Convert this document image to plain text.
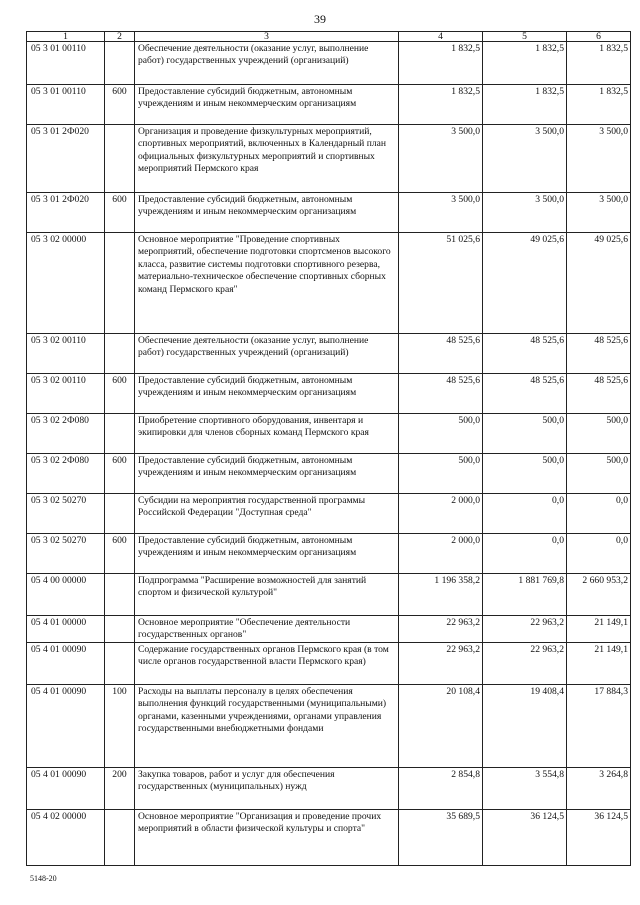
39
1	2	3	4	5	6
05 3 01 00110		Обеспечение деятельности (оказание услуг, выполнение работ) государственных учреждений (организаций)	1 832,5	1 832,5	1 832,5
05 3 01 00110	600	Предоставление субсидий бюджетным, автономным учреждениям и иным некоммерческим организациям	1 832,5	1 832,5	1 832,5
05 3 01 2Ф020		Организация и проведение физкультурных мероприятий, спортивных мероприятий, включенных в Календарный план официальных физкультурных мероприятий и спортивных мероприятий Пермского края	3 500,0	3 500,0	3 500,0
05 3 01 2Ф020	600	Предоставление субсидий бюджетным, автономным учреждениям и иным некоммерческим организациям	3 500,0	3 500,0	3 500,0
05 3 02 00000		Основное мероприятие "Проведение спортивных мероприятий, обеспечение подготовки спортсменов высокого класса, развитие системы подготовки спортивного резерва, материально-техническое обеспечение спортивных сборных команд Пермского края"	51 025,6	49 025,6	49 025,6
05 3 02 00110		Обеспечение деятельности (оказание услуг, выполнение работ) государственных учреждений (организаций)	48 525,6	48 525,6	48 525,6
05 3 02 00110	600	Предоставление субсидий бюджетным, автономным учреждениям и иным некоммерческим организациям	48 525,6	48 525,6	48 525,6
05 3 02 2Ф080		Приобретение спортивного оборудования, инвентаря и экипировки для членов сборных команд Пермского края	500,0	500,0	500,0
05 3 02 2Ф080	600	Предоставление субсидий бюджетным, автономным учреждениям и иным некоммерческим организациям	500,0	500,0	500,0
05 3 02 50270		Субсидии на мероприятия государственной программы Российской Федерации "Доступная среда"	2 000,0	0,0	0,0
05 3 02 50270	600	Предоставление субсидий бюджетным, автономным учреждениям и иным некоммерческим организациям	2 000,0	0,0	0,0
05 4 00 00000		Подпрограмма "Расширение возможностей для занятий спортом и физической культурой"	1 196 358,2	1 881 769,8	2 660 953,2
05 4 01 00000		Основное мероприятие "Обеспечение деятельности государственных органов"	22 963,2	22 963,2	21 149,1
05 4 01 00090		Содержание государственных органов Пермского края (в том числе органов государственной власти Пермского края)	22 963,2	22 963,2	21 149,1
05 4 01 00090	100	Расходы на выплаты персоналу в целях обеспечения выполнения функций государственными (муниципальными) органами, казенными учреждениями, органами управления государственными внебюджетными фондами	20 108,4	19 408,4	17 884,3
05 4 01 00090	200	Закупка товаров, работ и услуг для обеспечения государственных (муниципальных) нужд	2 854,8	3 554,8	3 264,8
05 4 02 00000		Основное мероприятие "Организация и проведение прочих мероприятий в области физической культуры и спорта"	35 689,5	36 124,5	36 124,5
5148-20
